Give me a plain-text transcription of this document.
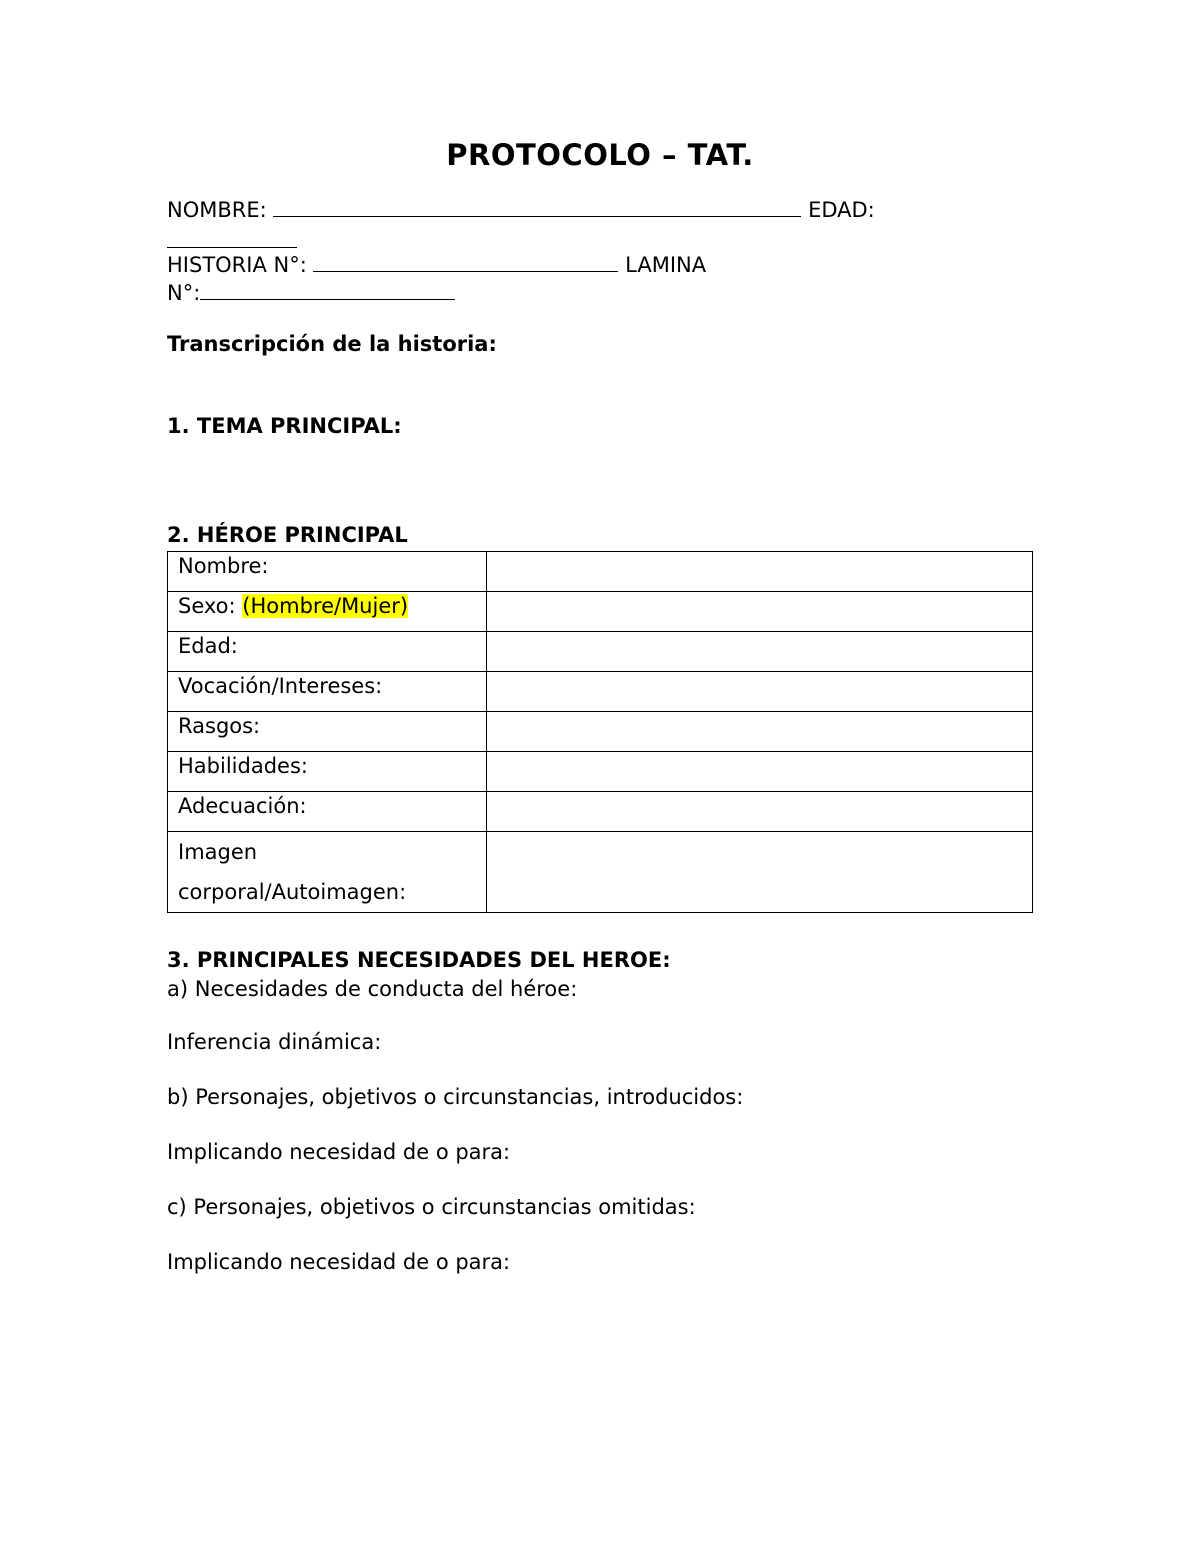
PROTOCOLO – TAT.
NOMBRE:	EDAD:
HISTORIA N°:	LAMINA
N°:
Transcripción de la historia:
1. TEMA PRINCIPAL:
2. HÉROE PRINCIPAL
Nombre:	
Sexo: (Hombre/Mujer)	
Edad:	
Vocación/Intereses:	
Rasgos:	
Habilidades:	
Adecuación:	
Imagen
corporal/Autoimagen:	
3. PRINCIPALES NECESIDADES DEL HEROE:
a) Necesidades de conducta del héroe:
Inferencia dinámica:
b) Personajes, objetivos o circunstancias, introducidos:
Implicando necesidad de o para:
c) Personajes, objetivos o circunstancias omitidas:
Implicando necesidad de o para:
